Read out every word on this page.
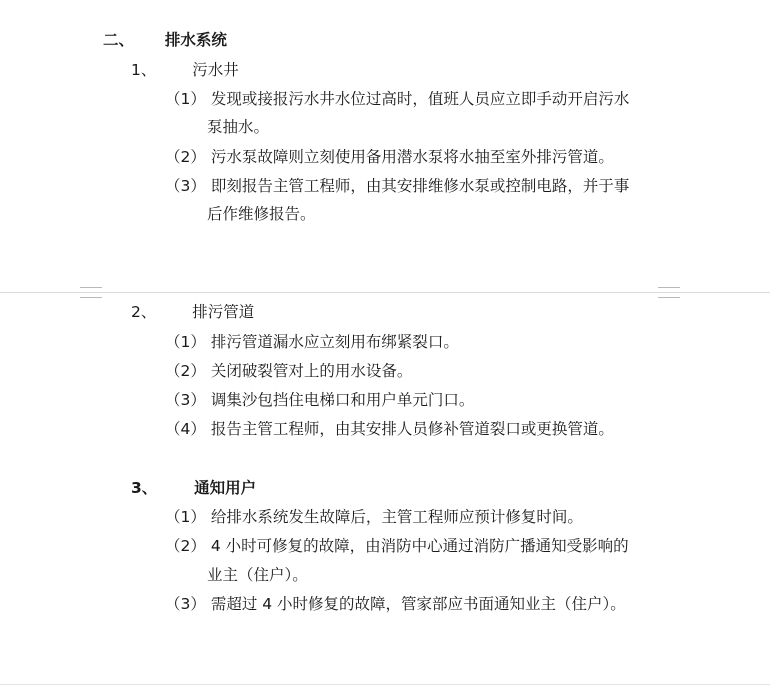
二、 排水系统
1、 污水井
（1） 发现或接报污水井水位过高时，值班人员应立即手动开启污水
泵抽水。
（2） 污水泵故障则立刻使用备用潜水泵将水抽至室外排污管道。
（3） 即刻报告主管工程师，由其安排维修水泵或控制电路，并于事
后作维修报告。
2、 排污管道
（1） 排污管道漏水应立刻用布绑紧裂口。
（2） 关闭破裂管对上的用水设备。
（3） 调集沙包挡住电梯口和用户单元门口。
（4） 报告主管工程师，由其安排人员修补管道裂口或更换管道。
3、 通知用户
（1） 给排水系统发生故障后，主管工程师应预计修复时间。
（2） 4 小时可修复的故障，由消防中心通过消防广播通知受影响的
业主（住户）。
（3） 需超过 4 小时修复的故障，管家部应书面通知业主（住户）。
